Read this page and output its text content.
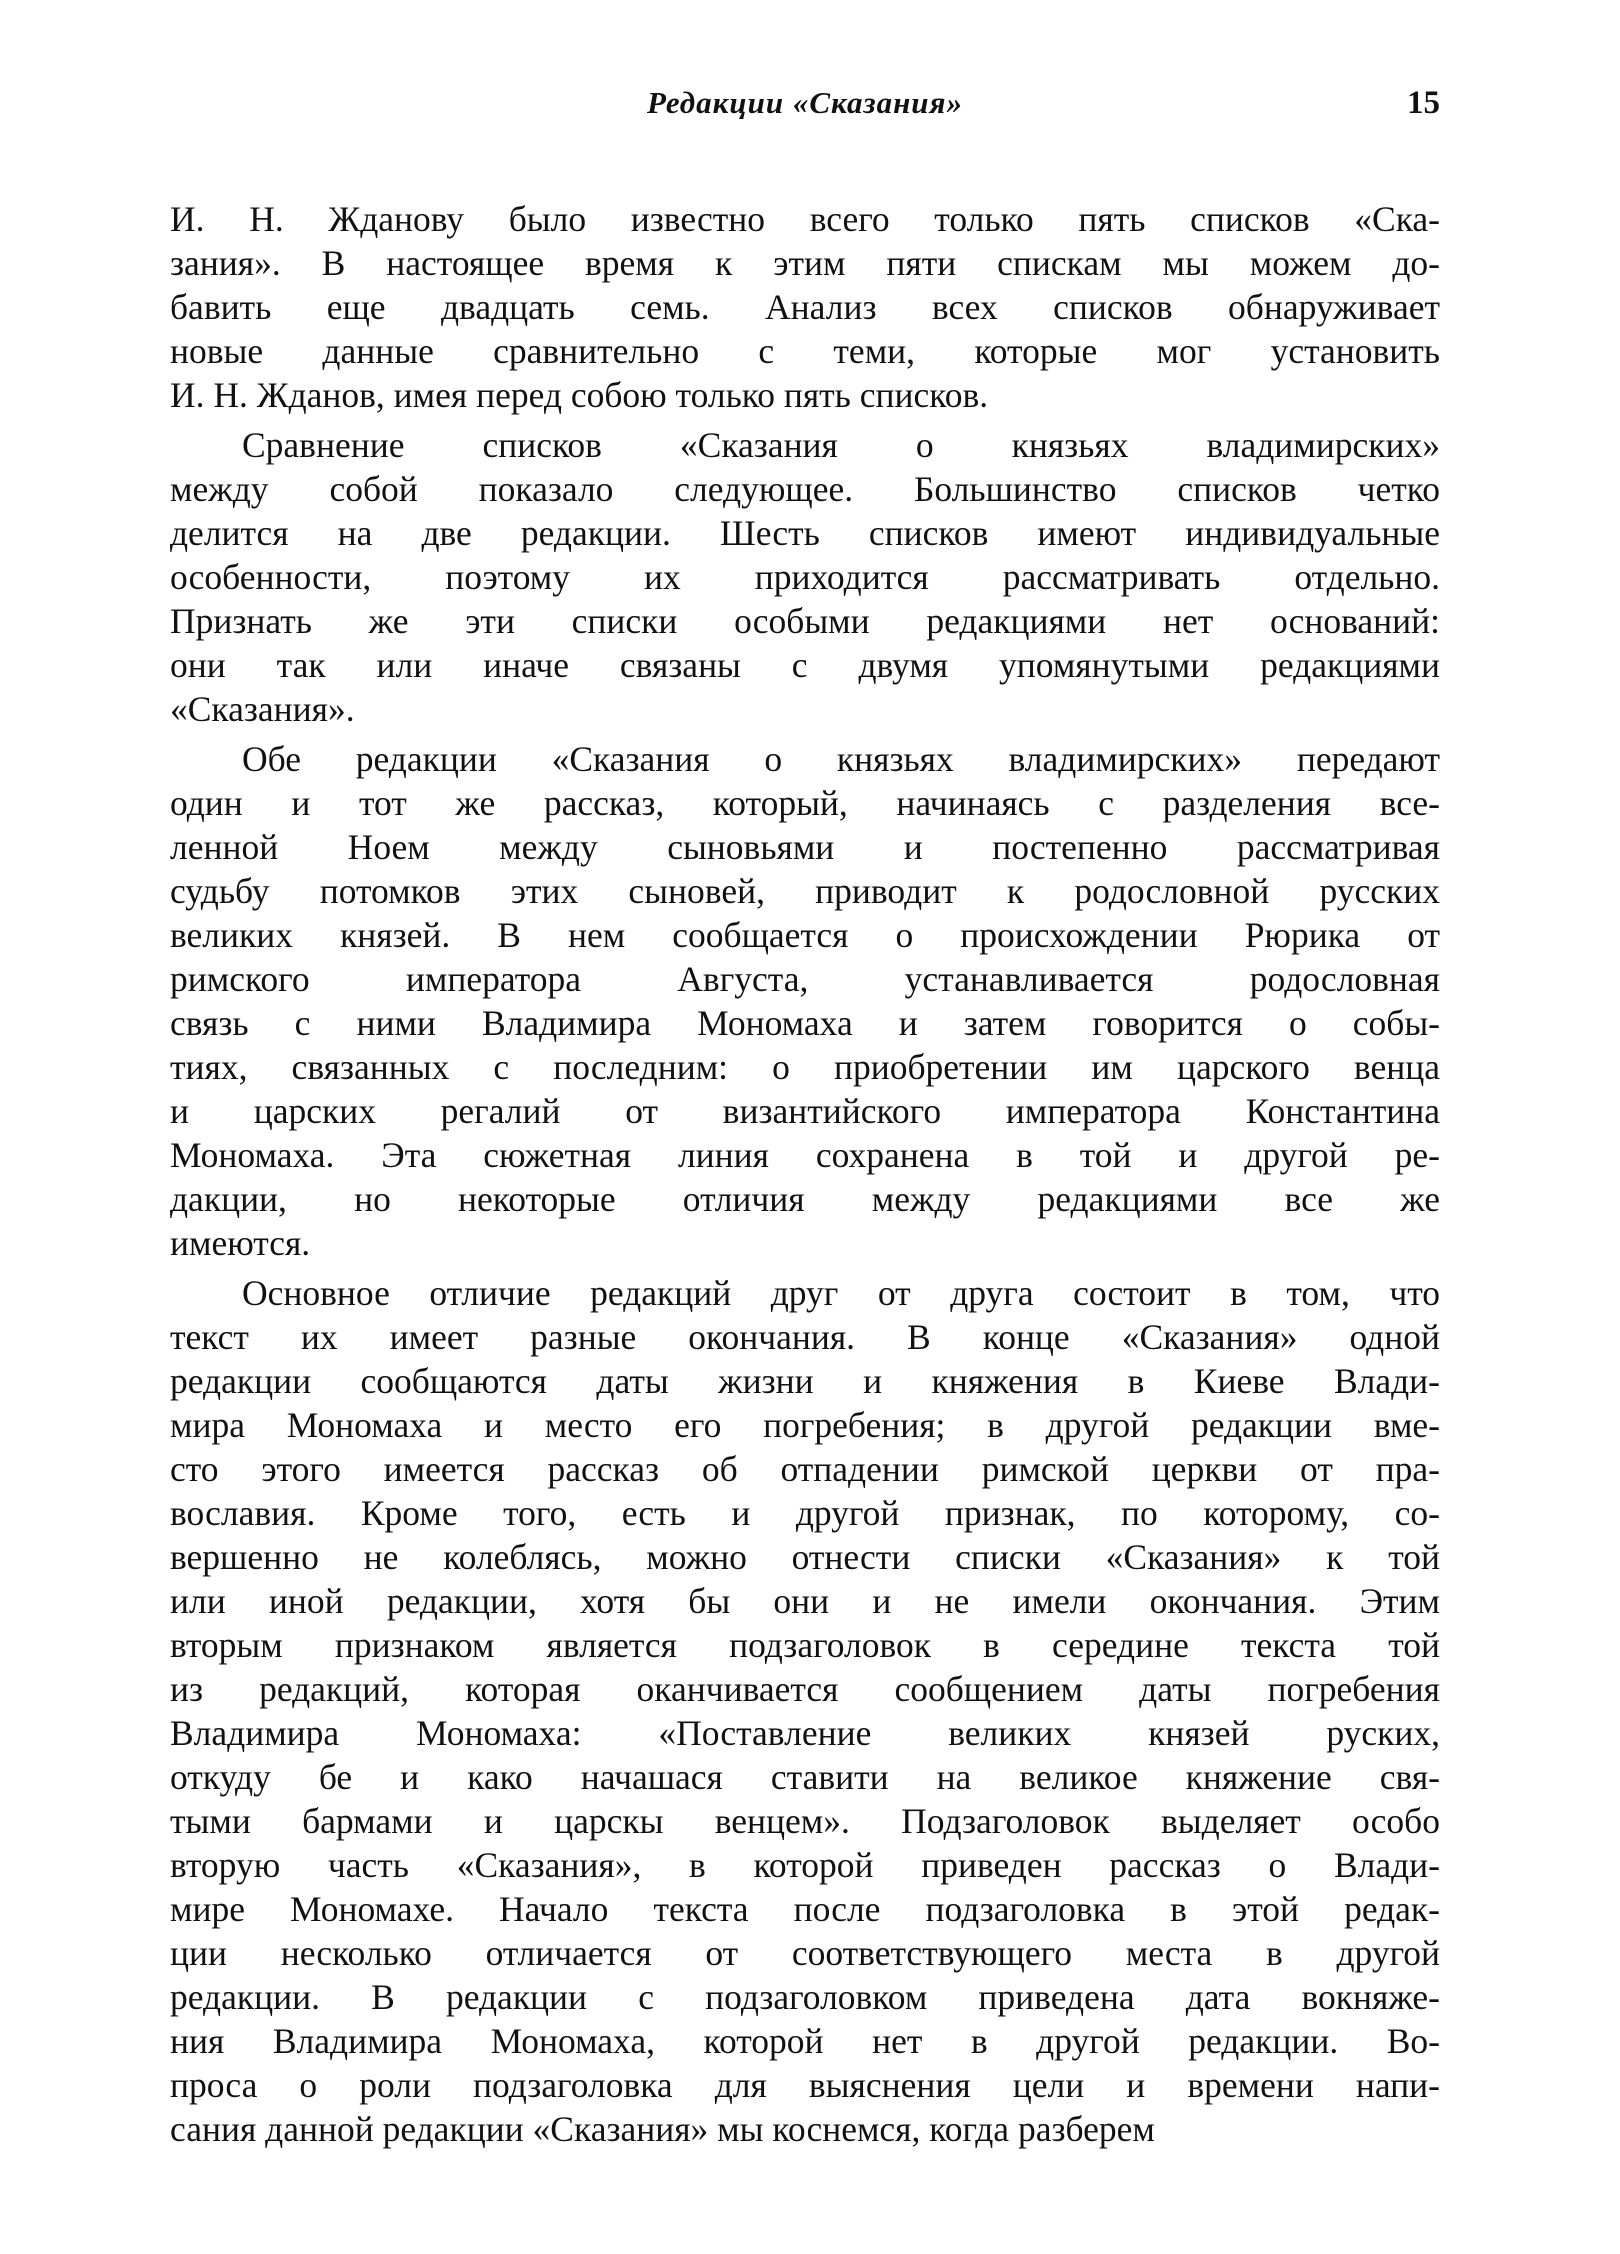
Редакции «Сказания»	15
И. Н. Жданову было известно всего только пять списков «Ска-
зания». В настоящее время к этим пяти спискам мы можем до-
бавить еще двадцать семь. Анализ всех списков обнаруживает
новые данные сравнительно с теми, которые мог установить
И. Н. Жданов, имея перед собою только пять списков.
Сравнение списков «Сказания о князьях владимирских»
между собой показало следующее. Большинство списков четко
делится на две редакции. Шесть списков имеют индивидуальные
особенности, поэтому их приходится рассматривать отдельно.
Признать же эти списки особыми редакциями нет оснований:
они так или иначе связаны с двумя упомянутыми редакциями
«Сказания».
Обе редакции «Сказания о князьях владимирских» передают
один и тот же рассказ, который, начинаясь с разделения все-
ленной Ноем между сыновьями и постепенно рассматривая
судьбу потомков этих сыновей, приводит к родословной русских
великих князей. В нем сообщается о происхождении Рюрика от
римского императора Августа, устанавливается родословная
связь с ними Владимира Мономаха и затем говорится о собы-
тиях, связанных с последним: о приобретении им царского венца
и царских регалий от византийского императора Константина
Мономаха. Эта сюжетная линия сохранена в той и другой ре-
дакции, но некоторые отличия между редакциями все же
имеются.
Основное отличие редакций друг от друга состоит в том, что
текст их имеет разные окончания. В конце «Сказания» одной
редакции сообщаются даты жизни и княжения в Киеве Влади-
мира Мономаха и место его погребения; в другой редакции вме-
сто этого имеется рассказ об отпадении римской церкви от пра-
вославия. Кроме того, есть и другой признак, по которому, со-
вершенно не колеблясь, можно отнести списки «Сказания» к той
или иной редакции, хотя бы они и не имели окончания. Этим
вторым признаком является подзаголовок в середине текста той
из редакций, которая оканчивается сообщением даты погребения
Владимира Мономаха: «Поставление великих князей руских,
откуду бе и како начашася ставити на великое княжение свя-
тыми бармами и царскы венцем». Подзаголовок выделяет особо
вторую часть «Сказания», в которой приведен рассказ о Влади-
мире Мономахе. Начало текста после подзаголовка в этой редак-
ции несколько отличается от соответствующего места в другой
редакции. В редакции с подзаголовком приведена дата вокняже-
ния Владимира Мономаха, которой нет в другой редакции. Во-
проса о роли подзаголовка для выяснения цели и времени напи-
сания данной редакции «Сказания» мы коснемся, когда разберем
